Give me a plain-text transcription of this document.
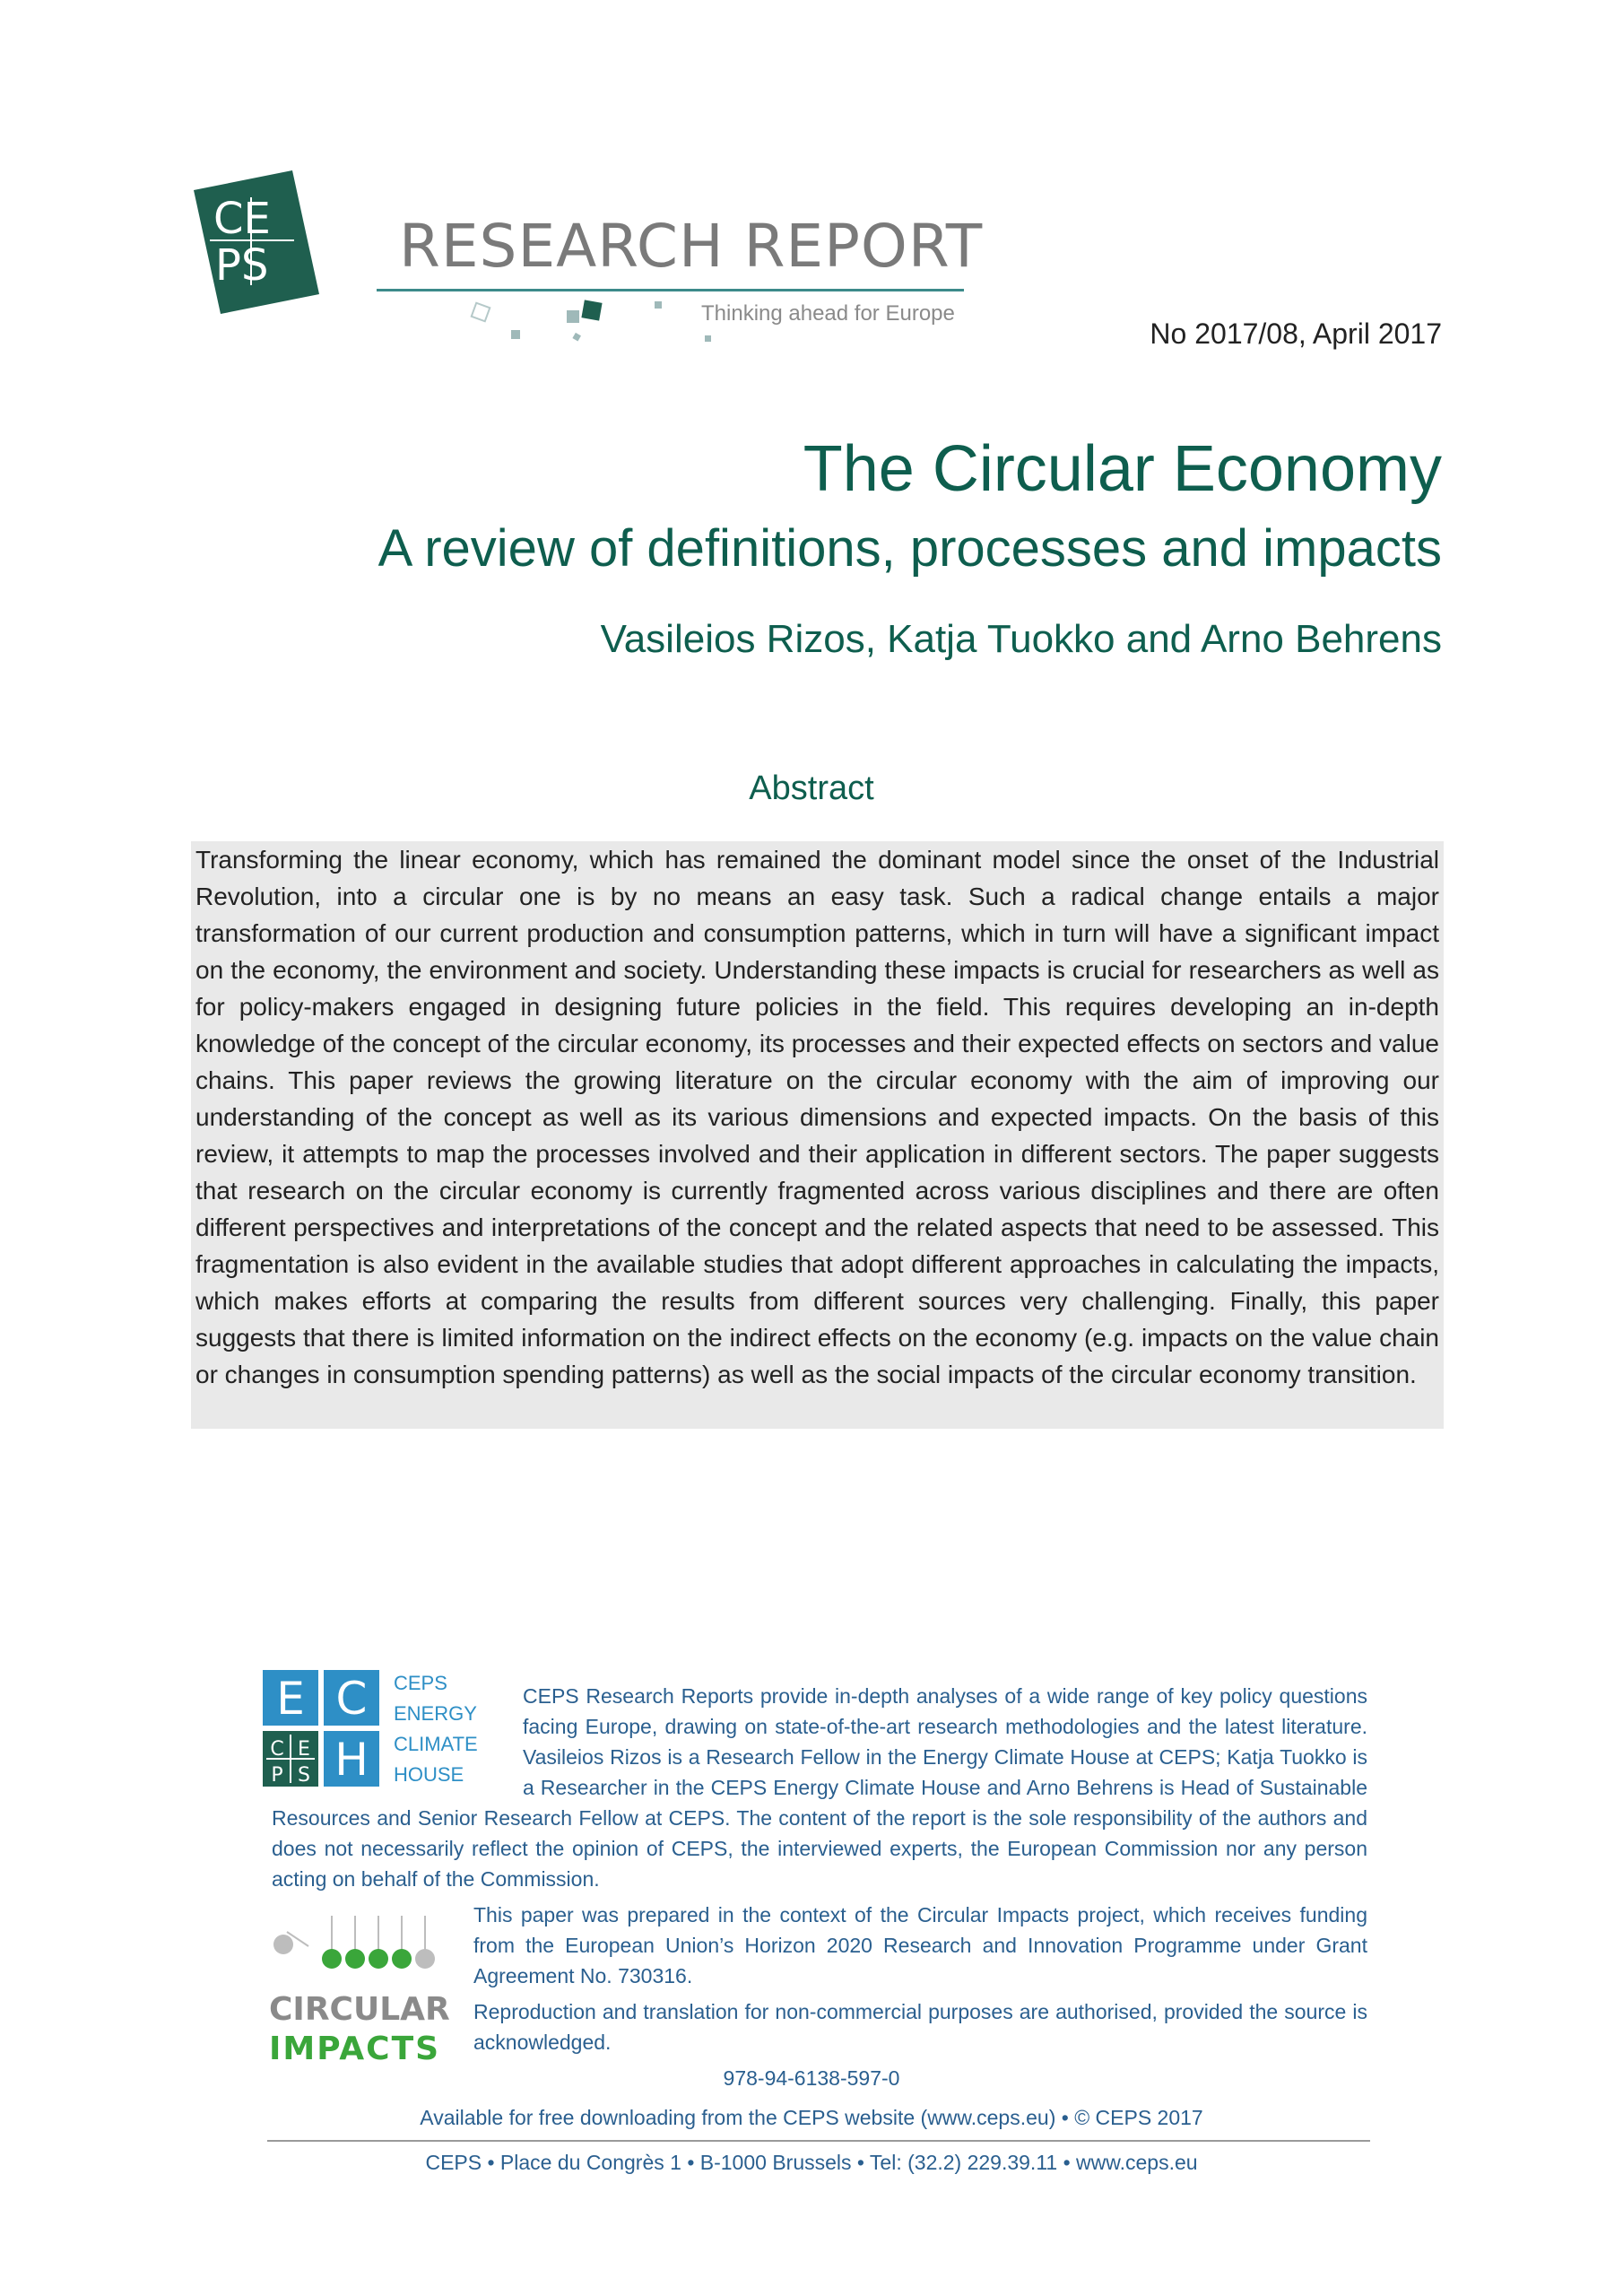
CE
PS RESEARCH REPORT
Thinking ahead for Europe
No 2017/08, April 2017
The Circular Economy
A review of definitions, processes and impacts
Vasileios Rizos, Katja Tuokko and Arno Behrens
Abstract
Transforming the linear economy, which has remained the dominant model since the onset of the Industrial Revolution, into a circular one is by no means an easy task. Such a radical change entails a major transformation of our current production and consumption patterns, which in turn will have a significant impact on the economy, the environment and society. Understanding these impacts is crucial for researchers as well as for policy-makers engaged in designing future policies in the field. This requires developing an in-depth knowledge of the concept of the circular economy, its processes and their expected effects on sectors and value chains. This paper reviews the growing literature on the circular economy with the aim of improving our understanding of the concept as well as its various dimensions and expected impacts. On the basis of this review, it attempts to map the processes involved and their application in different sectors. The paper suggests that research on the circular economy is currently fragmented across various disciplines and there are often different perspectives and interpretations of the concept and the related aspects that need to be assessed. This fragmentation is also evident in the available studies that adopt different approaches in calculating the impacts, which makes efforts at comparing the results from different sources very challenging. Finally, this paper suggests that there is limited information on the indirect effects on the economy (e.g. impacts on the value chain or changes in consumption spending patterns) as well as the social impacts of the circular economy transition.
E C
C E
P S H
CEPS
ENERGY
CLIMATE
HOUSE
CEPS Research Reports provide in-depth analyses of a wide range of key policy questions facing Europe, drawing on state-of-the-art research methodologies and the latest literature. Vasileios Rizos is a Research Fellow in the Energy Climate House at CEPS; Katja Tuokko is a Researcher in the CEPS Energy Climate House and Arno Behrens is Head of Sustainable Resources and Senior Research Fellow at CEPS. The content of the report is the sole responsibility of the authors and does not necessarily reflect the opinion of CEPS, the interviewed experts, the European Commission nor any person acting on behalf of the Commission.
CIRCULAR
IMPACTS
This paper was prepared in the context of the Circular Impacts project, which receives funding from the European Union’s Horizon 2020 Research and Innovation Programme under Grant Agreement No. 730316.
Reproduction and translation for non-commercial purposes are authorised, provided the source is acknowledged.
978-94-6138-597-0
Available for free downloading from the CEPS website (www.ceps.eu) • © CEPS 2017
CEPS • Place du Congrès 1 • B-1000 Brussels • Tel: (32.2) 229.39.11 • www.ceps.eu
